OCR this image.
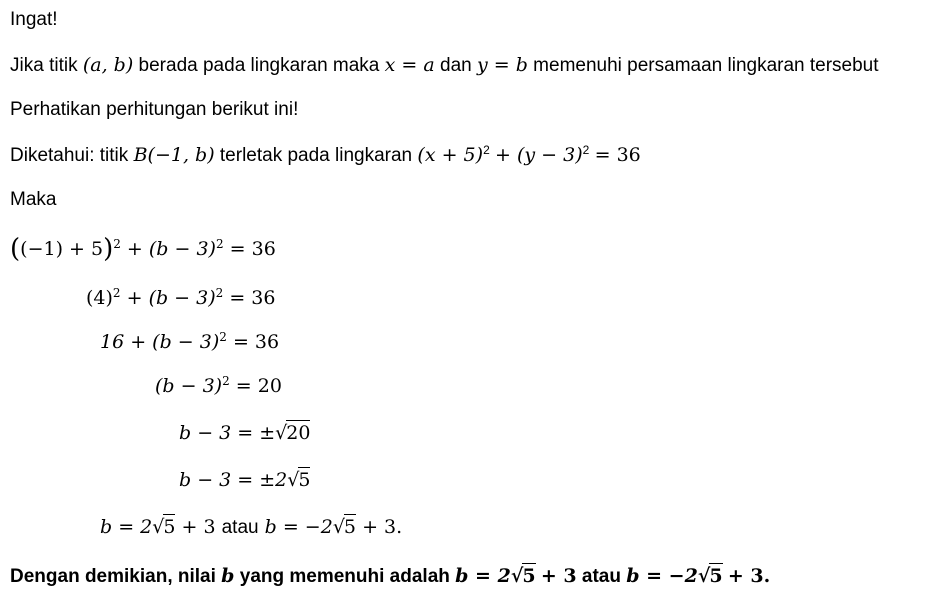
Ingat!
Jika titik (a, b) berada pada lingkaran maka x = a dan y = b memenuhi persamaan lingkaran tersebut
Perhatikan perhitungan berikut ini!
Diketahui: titik B(−1, b) terletak pada lingkaran $(x + 5)^2 + (y - 3)^2 = 36$
Maka
$((-1) + 5)^2 + (b - 3)^2 = 36$
$(4)^2 + (b - 3)^2 = 36$
$16 + (b - 3)^2 = 36$
$(b - 3)^2 = 20$
b − 3 = ±√20
b − 3 = ±2√5
b = 2√5 + 3 atau b = −2√5 + 3.
Dengan demikian, nilai b yang memenuhi adalah b = 2√5 + 3 atau b = −2√5 + 3.
